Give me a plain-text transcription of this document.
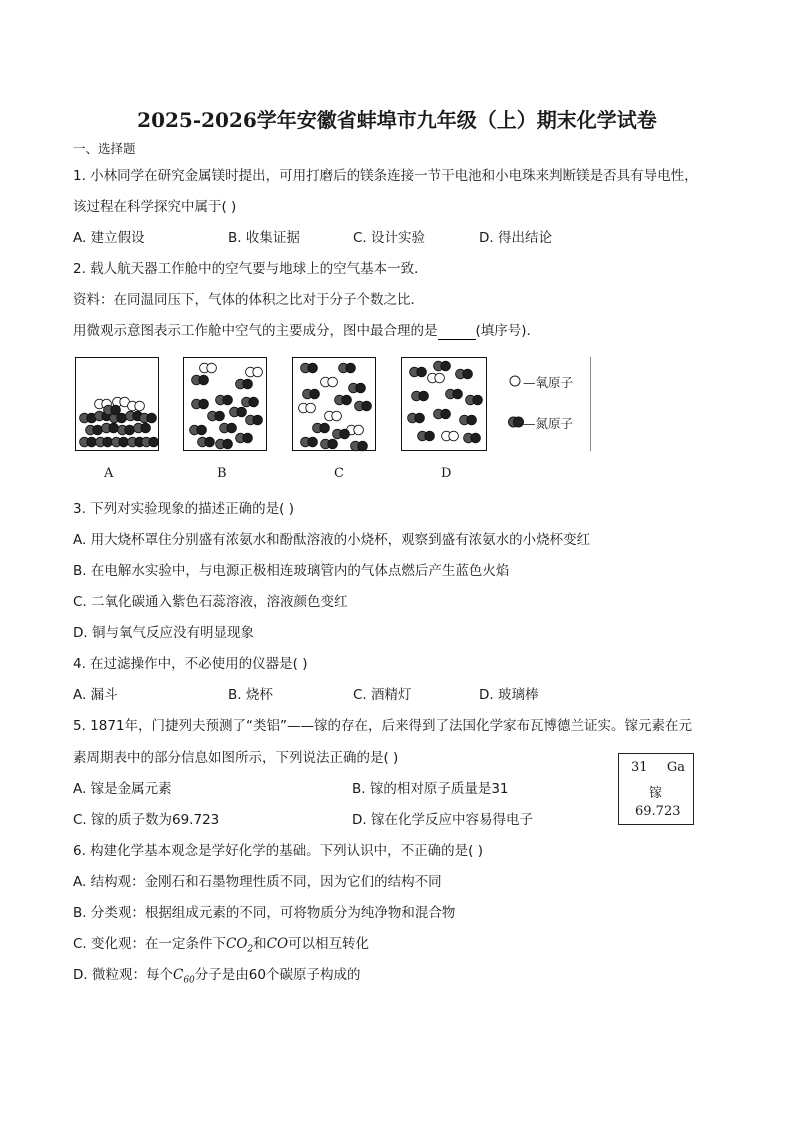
2025-2026学年安徽省蚌埠市九年级（上）期末化学试卷
一、选择题
1. 小林同学在研究金属镁时提出，可用打磨后的镁条连接一节干电池和小电珠来判断镁是否具有导电性，
该过程在科学探究中属于( )
A. 建立假设	B. 收集证据	C. 设计实验	D. 得出结论
2. 载人航天器工作舱中的空气要与地球上的空气基本一致．
资料：在同温同压下，气体的体积之比对于分子个数之比．
用微观示意图表示工作舱中空气的主要成分，图中最合理的是	(填序号)．
A	B	C	D
—氧原子
—氮原子
3. 下列对实验现象的描述正确的是( )
A. 用大烧杯罩住分别盛有浓氨水和酚酞溶液的小烧杯，观察到盛有浓氨水的小烧杯变红
B. 在电解水实验中，与电源正极相连玻璃管内的气体点燃后产生蓝色火焰
C. 二氧化碳通入紫色石蕊溶液，溶液颜色变红
D. 铜与氧气反应没有明显现象
4. 在过滤操作中，不必使用的仪器是( )
A. 漏斗	B. 烧杯	C. 酒精灯	D. 玻璃棒
5. 1871年，门捷列夫预测了“类铝”——镓的存在，后来得到了法国化学家布瓦博德兰证实。镓元素在元
素周期表中的部分信息如图所示，下列说法正确的是( )
A. 镓是金属元素	B. 镓的相对原子质量是31
C. 镓的质子数为69.723	D. 镓在化学反应中容易得电子
31 Ga
镓
69.723
6. 构建化学基本观念是学好化学的基础。下列认识中，不正确的是( )
A. 结构观：金刚石和石墨物理性质不同，因为它们的结构不同
B. 分类观：根据组成元素的不同，可将物质分为纯净物和混合物
C. 变化观：在一定条件下$CO_2$和CO可以相互转化
D. 微粒观：每个$C_{60}$分子是由60个碳原子构成的
